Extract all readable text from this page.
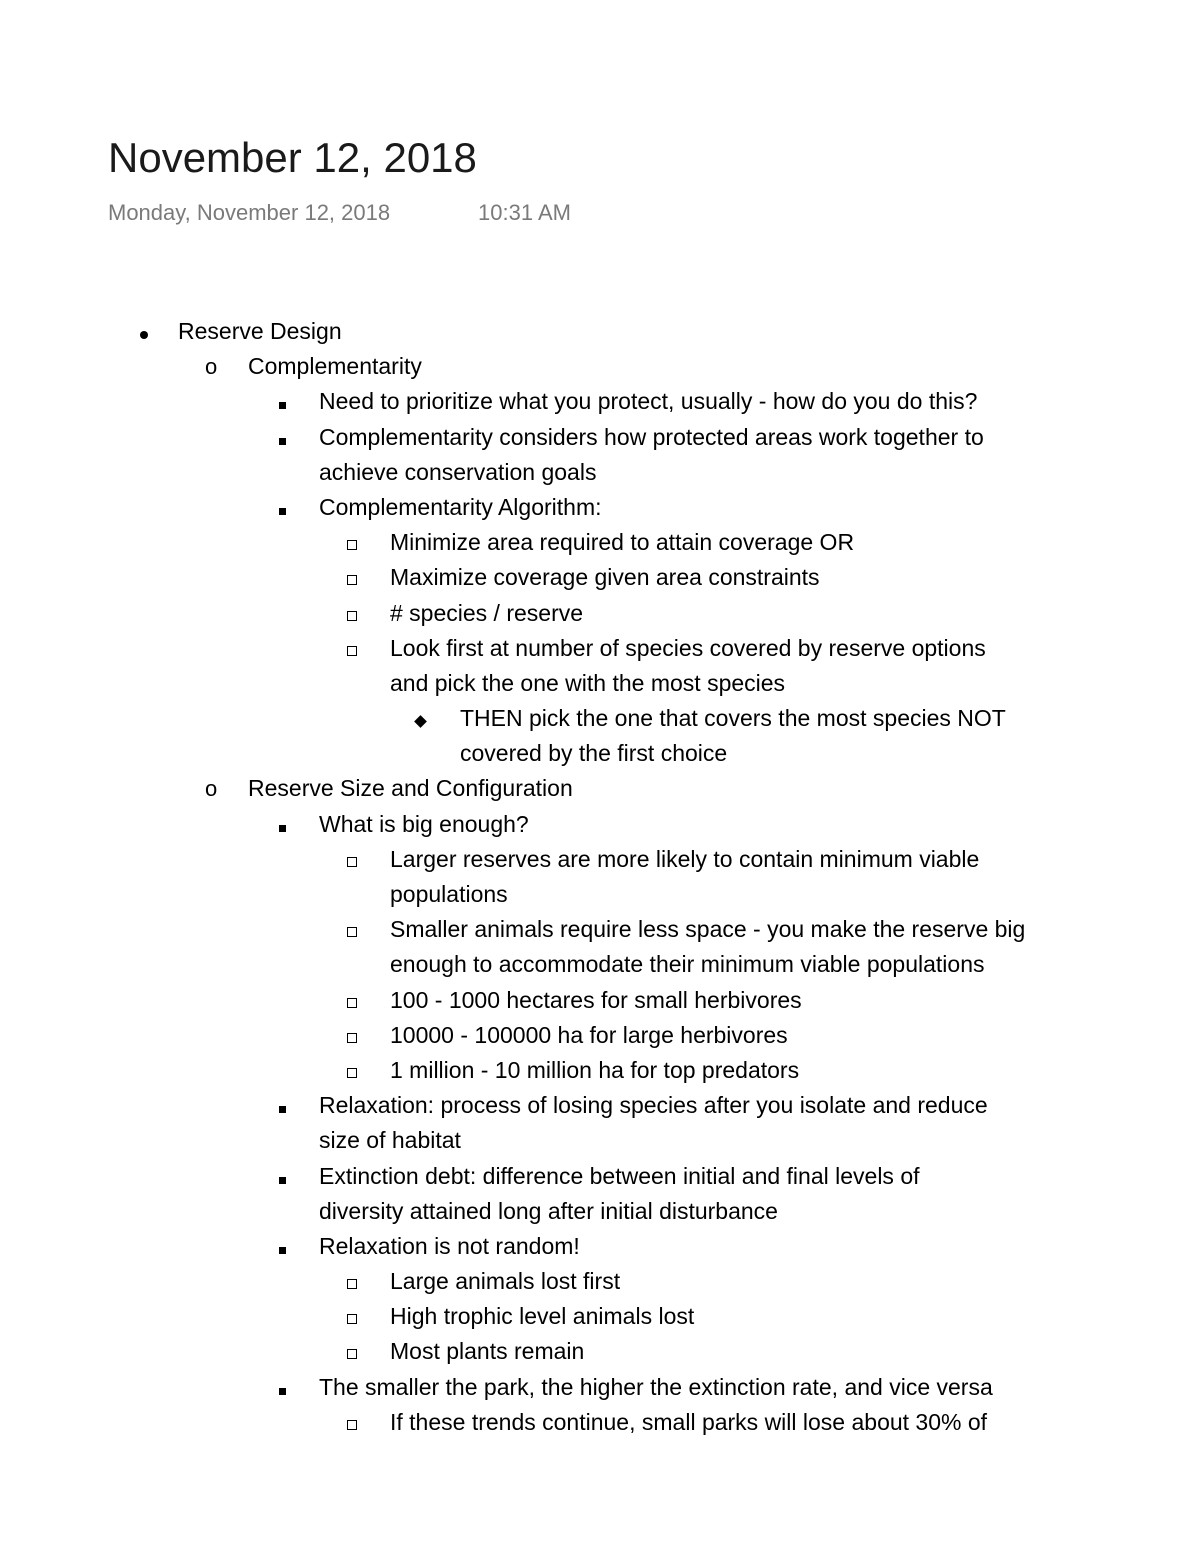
November 12, 2018
Monday, November 12, 2018	10:31 AM
Reserve Design
o Complementarity
Need to prioritize what you protect, usually - how do you do this?
Complementarity considers how protected areas work together to
achieve conservation goals
Complementarity Algorithm:
Minimize area required to attain coverage OR
Maximize coverage given area constraints
# species / reserve
Look first at number of species covered by reserve options
and pick the one with the most species
THEN pick the one that covers the most species NOT
covered by the first choice
o Reserve Size and Configuration
What is big enough?
Larger reserves are more likely to contain minimum viable
populations
Smaller animals require less space - you make the reserve big
enough to accommodate their minimum viable populations
100 - 1000 hectares for small herbivores
10000 - 100000 ha for large herbivores
1 million - 10 million ha for top predators
Relaxation: process of losing species after you isolate and reduce
size of habitat
Extinction debt: difference between initial and final levels of
diversity attained long after initial disturbance
Relaxation is not random!
Large animals lost first
High trophic level animals lost
Most plants remain
The smaller the park, the higher the extinction rate, and vice versa
If these trends continue, small parks will lose about 30% of
